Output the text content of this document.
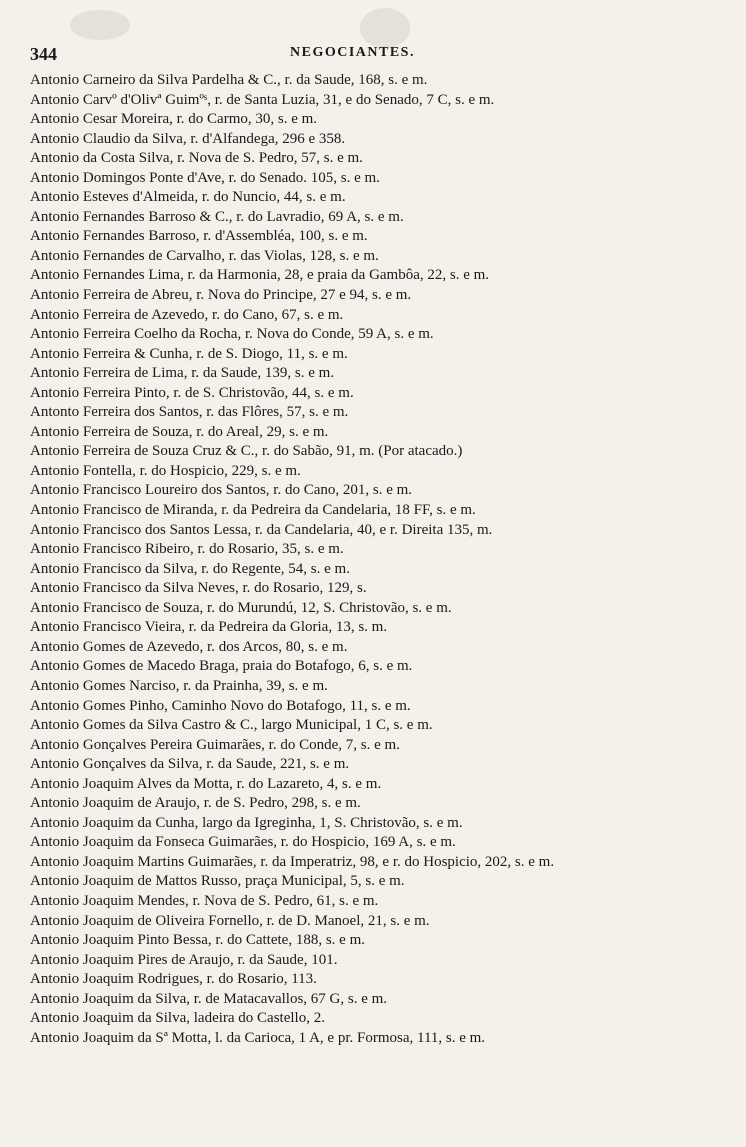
344	NEGOCIANTES.

Antonio Carneiro da Silva Pardelha & C., r. da Saude, 168, s. e m.

Antonio Carvº d'Olivª Guimºˢ, r. de Santa Luzia, 31, e do Senado, 7 C, s. e m.

Antonio Cesar Moreira, r. do Carmo, 30, s. e m.

Antonio Claudio da Silva, r. d'Alfandega, 296 e 358.

Antonio da Costa Silva, r. Nova de S. Pedro, 57, s. e m.

Antonio Domingos Ponte d'Ave, r. do Senado. 105, s. e m.

Antonio Esteves d'Almeida, r. do Nuncio, 44, s. e m.

Antonio Fernandes Barroso & C., r. do Lavradio, 69 A, s. e m.

Antonio Fernandes Barroso, r. d'Assembléa, 100, s. e m.

Antonio Fernandes de Carvalho, r. das Violas, 128, s. e m.

Antonio Fernandes Lima, r. da Harmonia, 28, e praia da Gambôa, 22, s. e m.

Antonio Ferreira de Abreu, r. Nova do Principe, 27 e 94, s. e m.

Antonio Ferreira de Azevedo, r. do Cano, 67, s. e m.

Antonio Ferreira Coelho da Rocha, r. Nova do Conde, 59 A, s. e m.

Antonio Ferreira & Cunha, r. de S. Diogo, 11, s. e m.

Antonio Ferreira de Lima, r. da Saude, 139, s. e m.

Antonio Ferreira Pinto, r. de S. Christovão, 44, s. e m.

Antonto Ferreira dos Santos, r. das Flôres, 57, s. e m.

Antonio Ferreira de Souza, r. do Areal, 29, s. e m.

Antonio Ferreira de Souza Cruz & C., r. do Sabão, 91, m. (Por atacado.)

Antonio Fontella, r. do Hospicio, 229, s. e m.

Antonio Francisco Loureiro dos Santos, r. do Cano, 201, s. e m.

Antonio Francisco de Miranda, r. da Pedreira da Candelaria, 18 FF, s. e m.

Antonio Francisco dos Santos Lessa, r. da Candelaria, 40, e r. Direita 135, m.

Antonio Francisco Ribeiro, r. do Rosario, 35, s. e m.

Antonio Francisco da Silva, r. do Regente, 54, s. e m.

Antonio Francisco da Silva Neves, r. do Rosario, 129, s.

Antonio Francisco de Souza, r. do Murundú, 12, S. Christovão, s. e m.

Antonio Francisco Vieira, r. da Pedreira da Gloria, 13, s. m.

Antonio Gomes de Azevedo, r. dos Arcos, 80, s. e m.

Antonio Gomes de Macedo Braga, praia do Botafogo, 6, s. e m.

Antonio Gomes Narciso, r. da Prainha, 39, s. e m.

Antonio Gomes Pinho, Caminho Novo do Botafogo, 11, s. e m.

Antonio Gomes da Silva Castro & C., largo Municipal, 1 C, s. e m.

Antonio Gonçalves Pereira Guimarães, r. do Conde, 7, s. e m.

Antonio Gonçalves da Silva, r. da Saude, 221, s. e m.

Antonio Joaquim Alves da Motta, r. do Lazareto, 4, s. e m.

Antonio Joaquim de Araujo, r. de S. Pedro, 298, s. e m.

Antonio Joaquim da Cunha, largo da Igreginha, 1, S. Christovão, s. e m.

Antonio Joaquim da Fonseca Guimarães, r. do Hospicio, 169 A, s. e m.

Antonio Joaquim Martins Guimarães, r. da Imperatriz, 98, e r. do Hospicio, 202, s. e m.

Antonio Joaquim de Mattos Russo, praça Municipal, 5, s. e m.

Antonio Joaquim Mendes, r. Nova de S. Pedro, 61, s. e m.

Antonio Joaquim de Oliveira Fornello, r. de D. Manoel, 21, s. e m.

Antonio Joaquim Pinto Bessa, r. do Cattete, 188, s. e m.

Antonio Joaquim Pires de Araujo, r. da Saude, 101.

Antonio Joaquim Rodrigues, r. do Rosario, 113.

Antonio Joaquim da Silva, r. de Matacavallos, 67 G, s. e m.

Antonio Joaquim da Silva, ladeira do Castello, 2.

Antonio Joaquim da Sª Motta, l. da Carioca, 1 A, e pr. Formosa, 111, s. e m.
